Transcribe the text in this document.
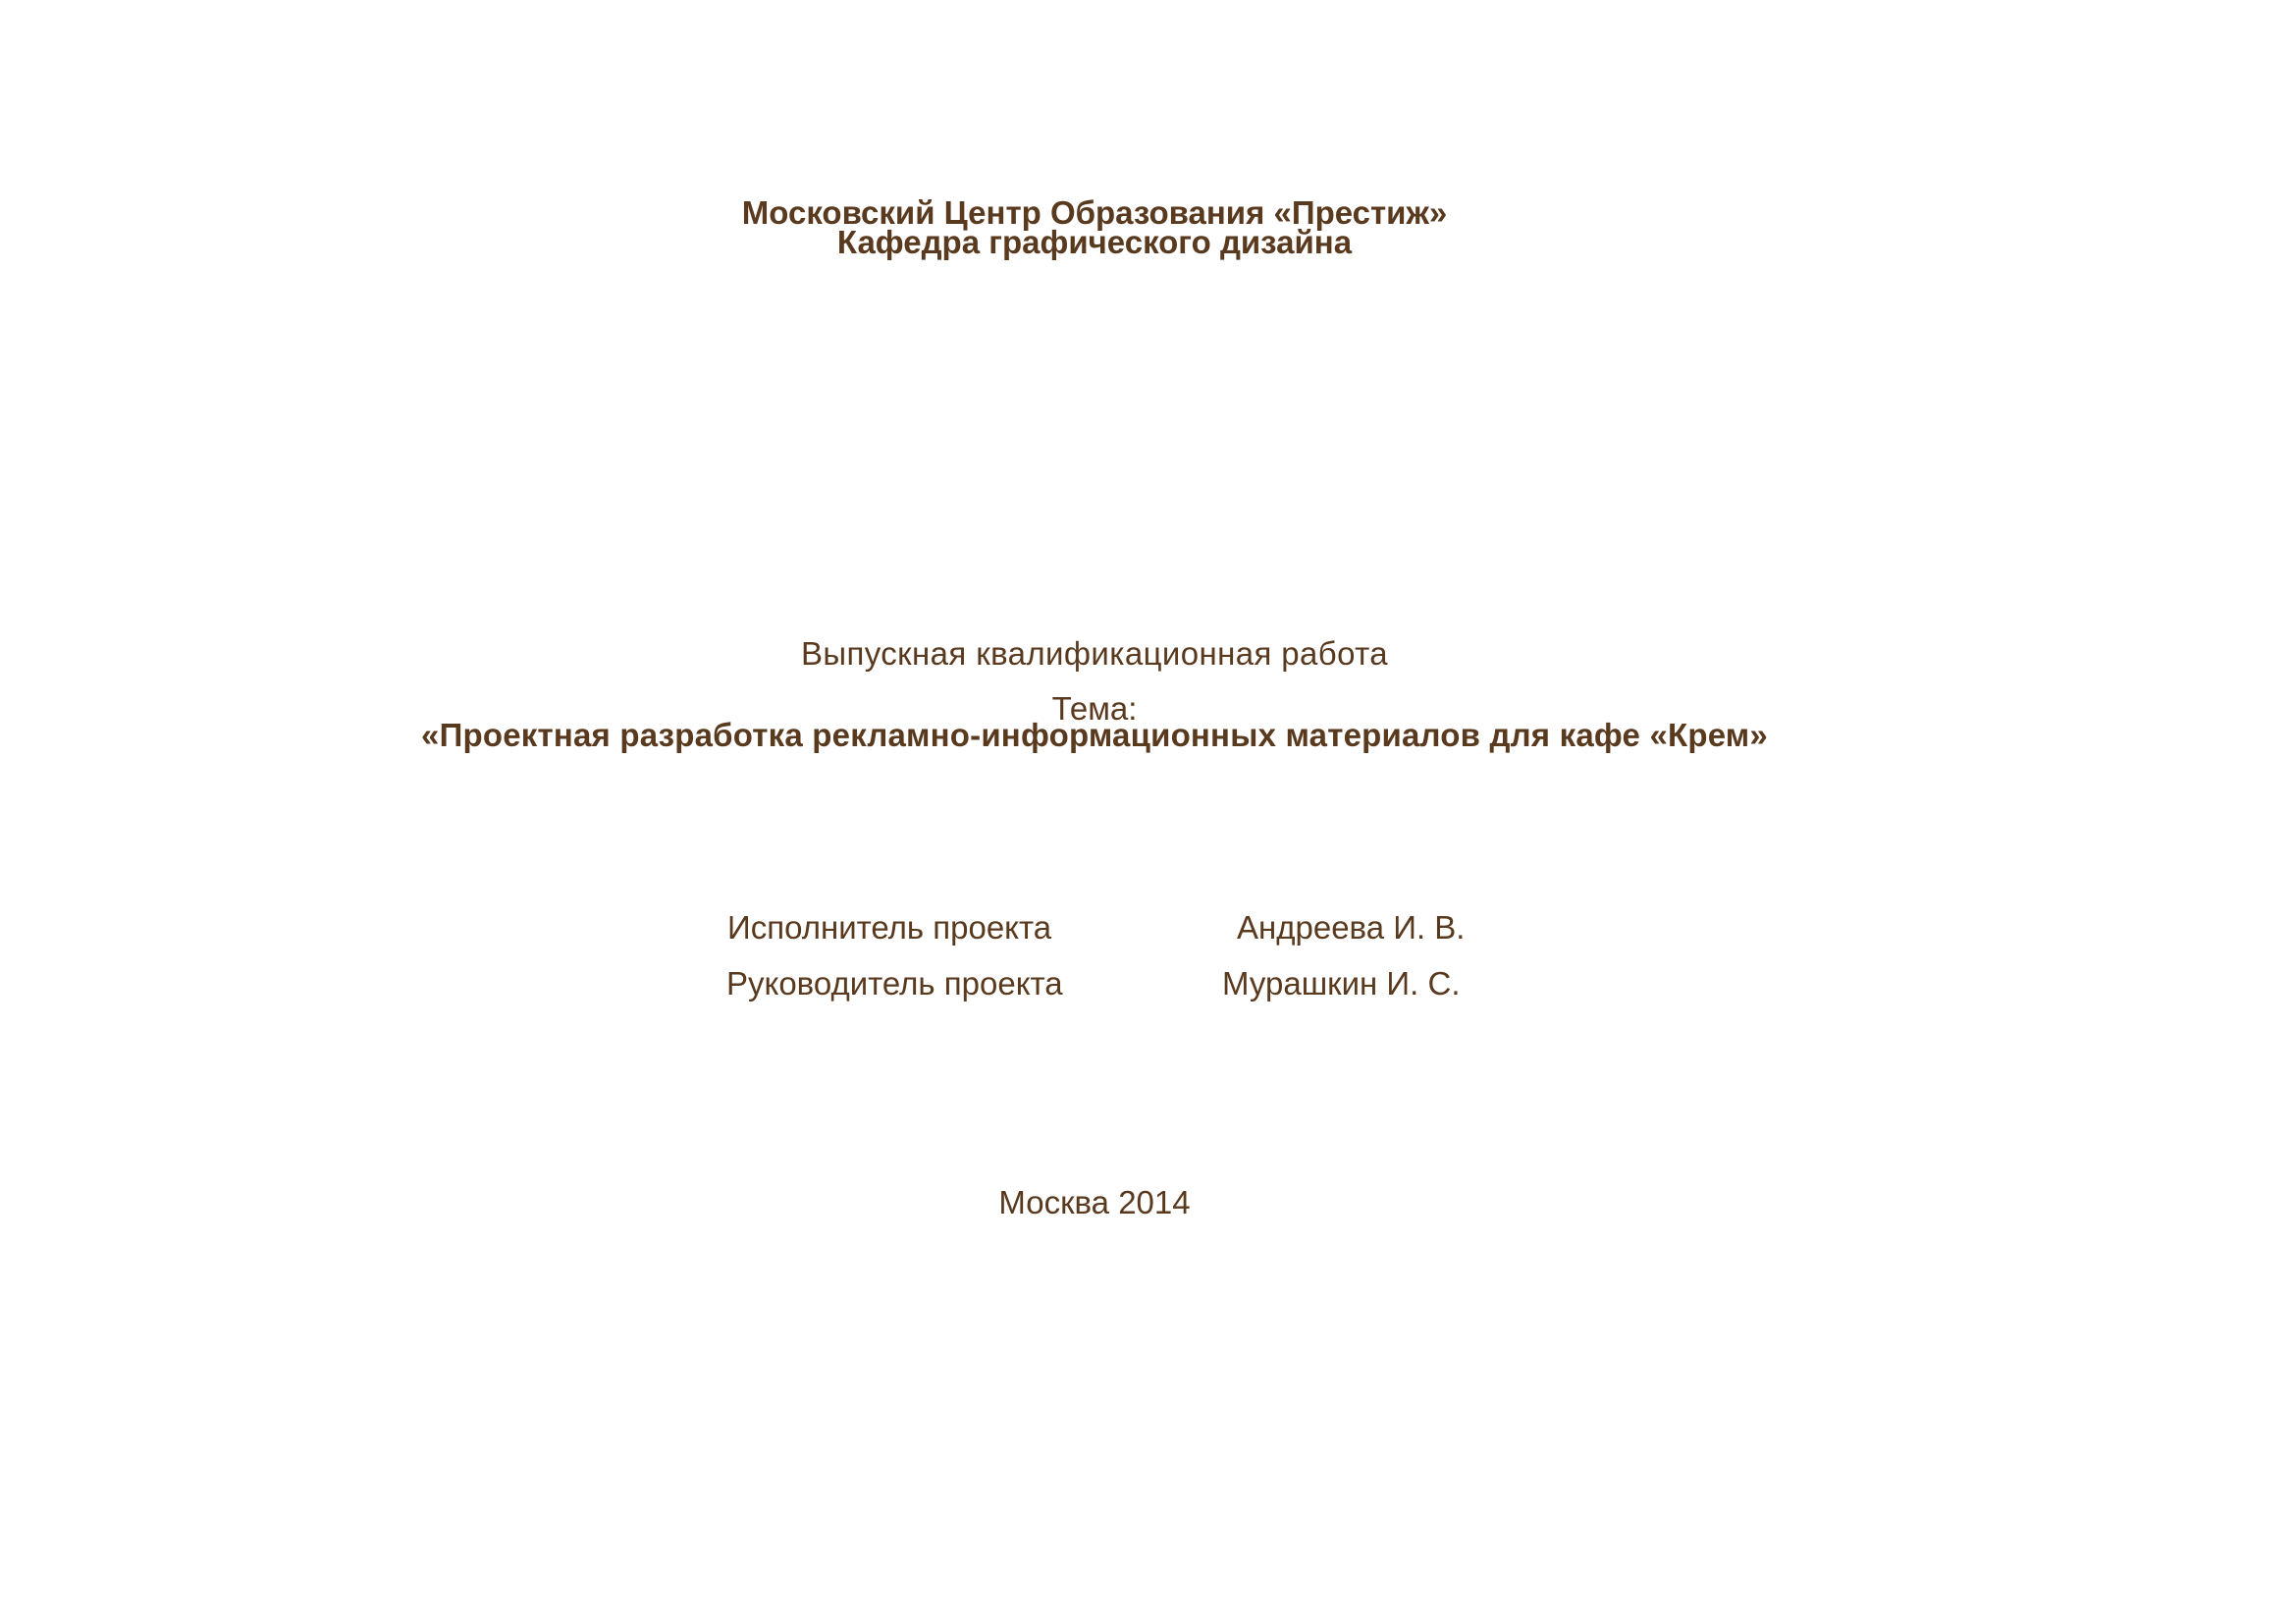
Московский Центр Образования «Престиж»
Кафедра графического дизайна
Выпускная квалификационная работа
Тема:
«Проектная разработка рекламно-информационных материалов для кафе «Крем»
Исполнитель проекта	Андреева И. В.
Руководитель проекта	Мурашкин И. С.
Москва 2014
